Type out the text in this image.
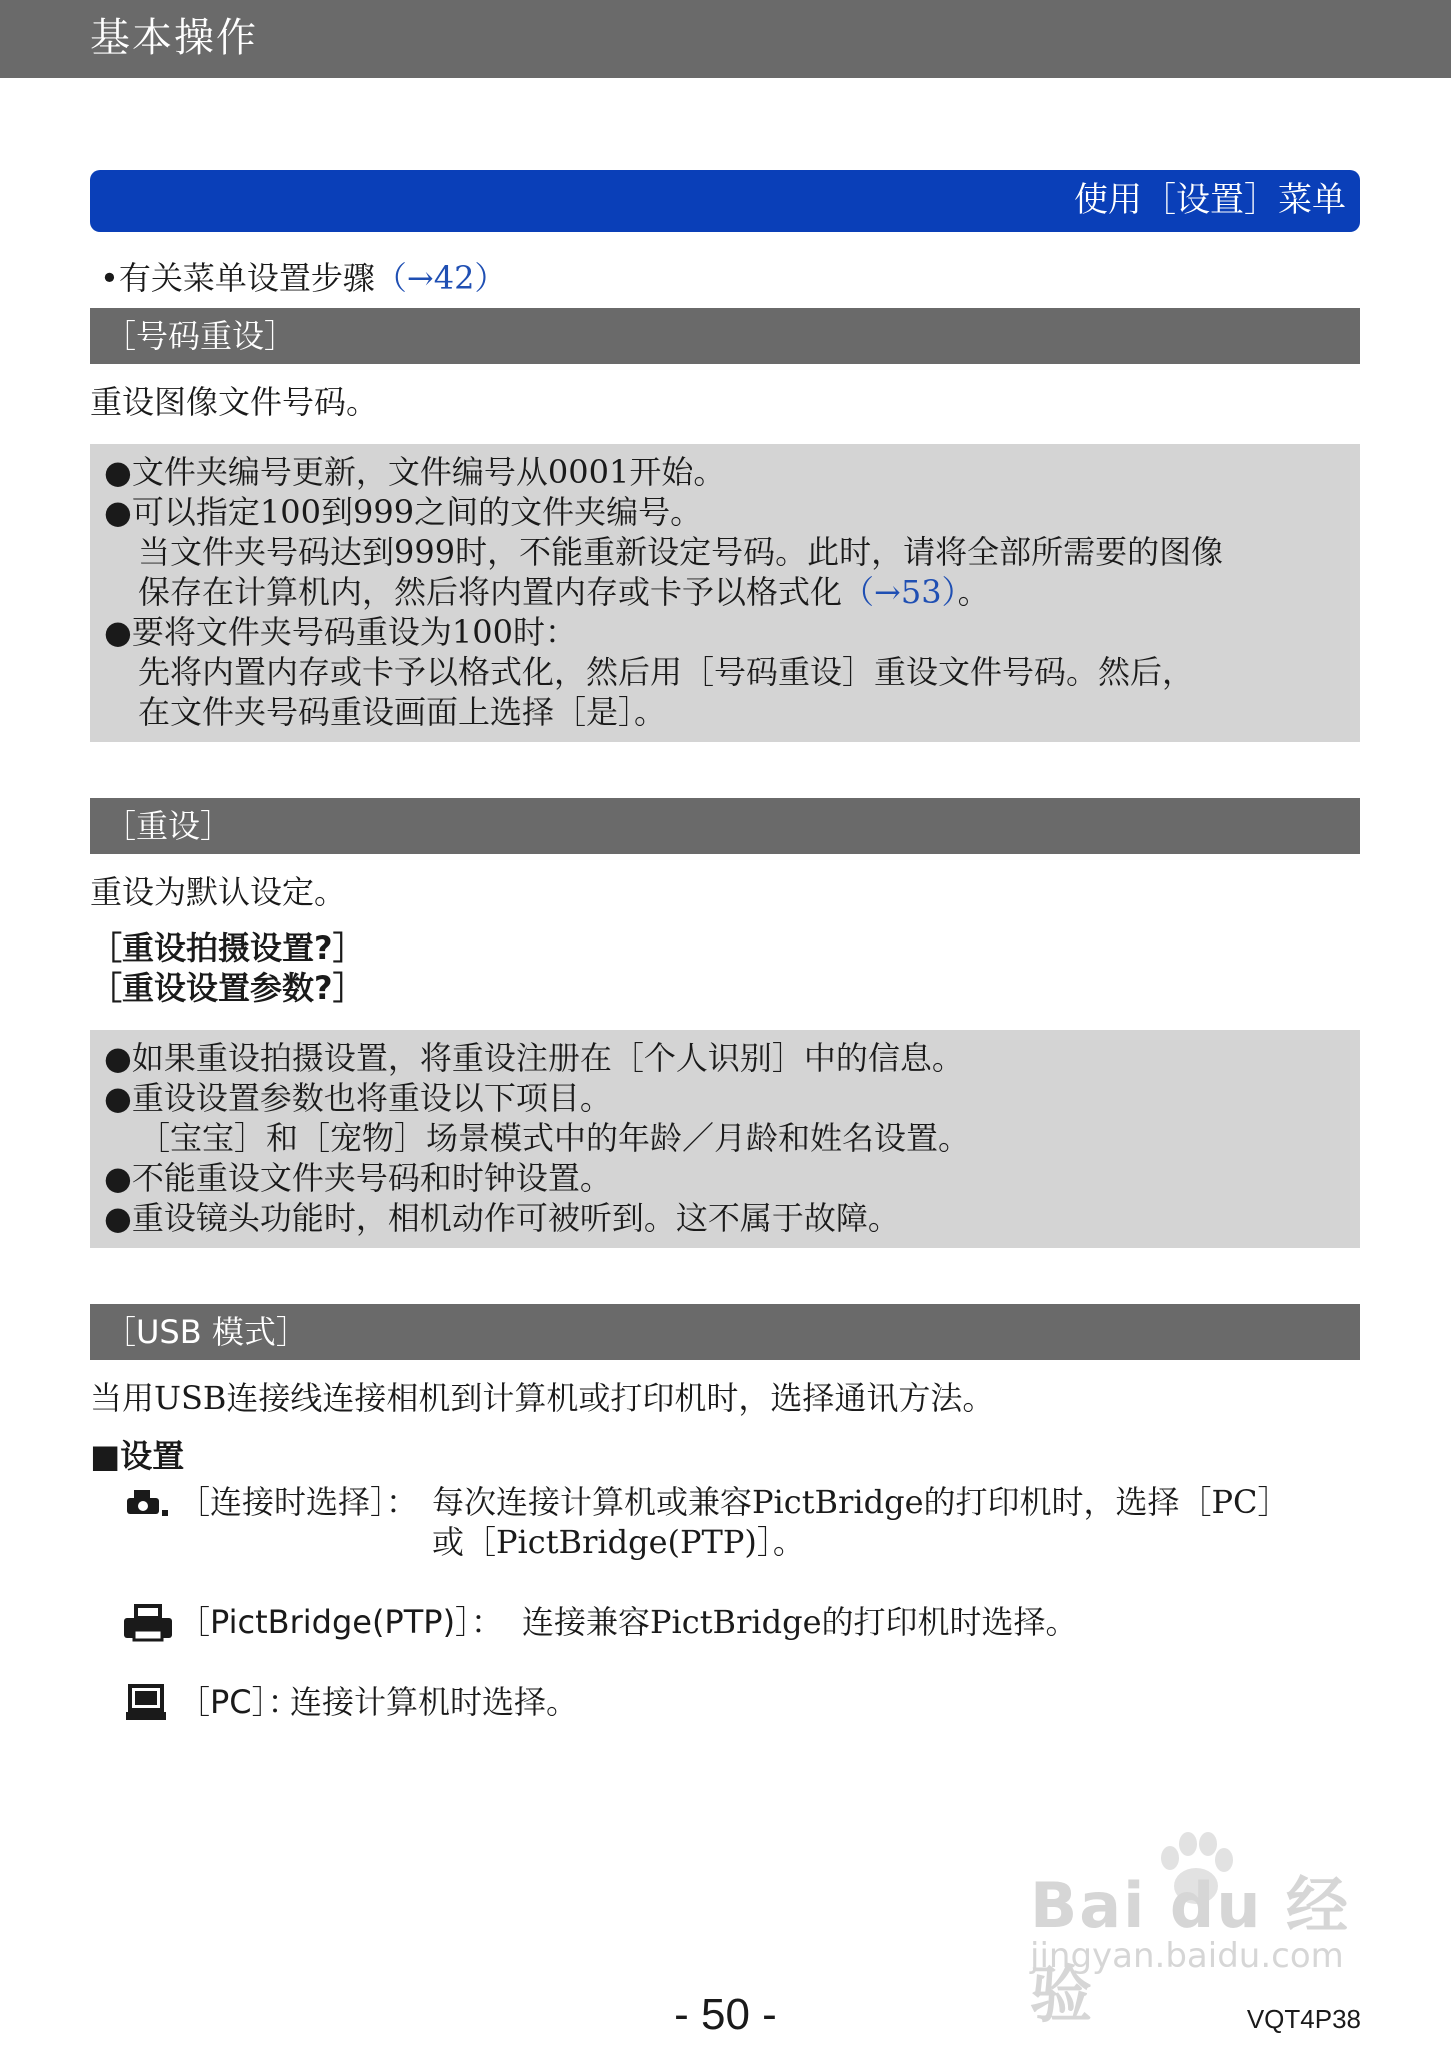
基本操作
使用［设置］菜单
•有关菜单设置步骤（→42）
［号码重设］
重设图像文件号码。
●文件夹编号更新，文件编号从0001开始。
●可以指定100到999之间的文件夹编号。
当文件夹号码达到999时，不能重新设定号码。此时，请将全部所需要的图像
保存在计算机内，然后将内置内存或卡予以格式化（→53）。
●要将文件夹号码重设为100时：
先将内置内存或卡予以格式化，然后用［号码重设］重设文件号码。然后，
在文件夹号码重设画面上选择［是］。
［重设］
重设为默认设定。
［重设拍摄设置?］
［重设设置参数?］
●如果重设拍摄设置，将重设注册在［个人识别］中的信息。
●重设设置参数也将重设以下项目。
［宝宝］和［宠物］场景模式中的年龄／月龄和姓名设置。
●不能重设文件夹号码和时钟设置。
●重设镜头功能时，相机动作可被听到。这不属于故障。
［USB 模式］
当用USB连接线连接相机到计算机或打印机时，选择通讯方法。
■设置
［连接时选择］： 每次连接计算机或兼容PictBridge的打印机时，选择［PC］
或［PictBridge(PTP)］。
［PictBridge(PTP)］： 连接兼容PictBridge的打印机时选择。
［PC］：
连接计算机时选择。
Bai du 经验
jingyan.baidu.com
- 50 -	VQT4P38
